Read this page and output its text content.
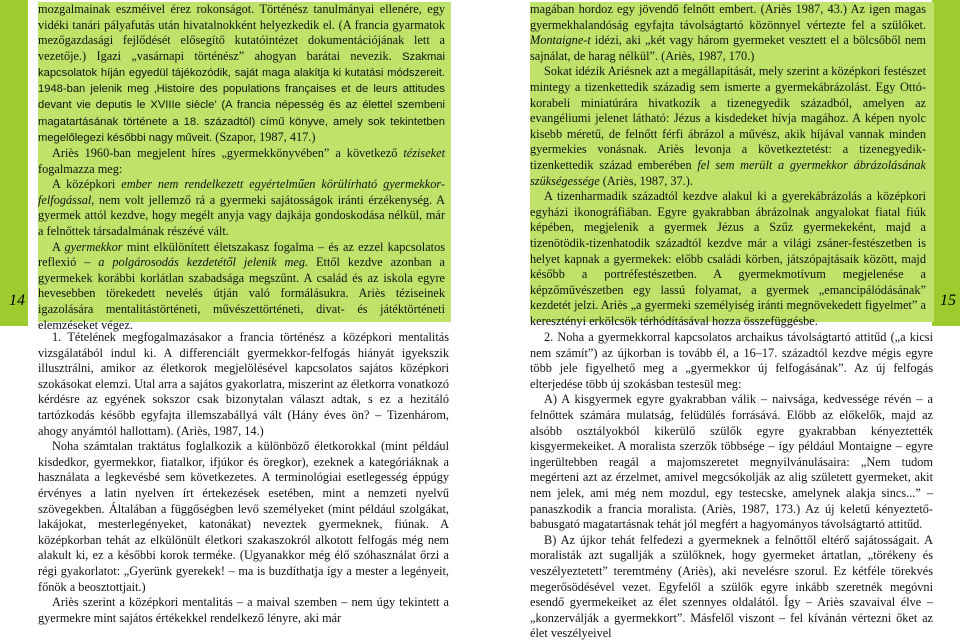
14

mozgalmainak eszméivel érez rokonságot. Történész tanulmányai ellenére, egy vidéki tanári pályafutás után hivatalnokként helyezkedik el. (A francia gyarmatok mezőgazdasági fejlődését elősegítő kutatóintézet dokumentációjának lett a vezetője.) Igazi „vasárnapi történész” ahogyan barátai nevezik. Szakmai kapcsolatok híján egyedül tájékozódik, saját maga alakítja ki kutatási módszereit. 1948-ban jelenik meg ‚Histoire des populations françaises et de leurs attitudes devant vie deputis le XVIIIe siècle’ (A francia népesség és az élettel szembeni magatartásának története a 18. századtól) című könyve, amely sok tekintetben megelőlegezi későbbi nagy műveit. (Szapor, 1987, 417.)

Ariès 1960-ban megjelent híres „gyermekkönyvében” a következő téziseket fogalmazza meg:

A középkori ember nem rendelkezett egyértelműen körülírható gyermekkor-felfogással, nem volt jellemző rá a gyermeki sajátosságok iránti érzékenység. A gyermek attól kezdve, hogy megélt anyja vagy dajkája gondoskodása nélkül, már a felnőttek társadalmának részévé vált.

A gyermekkor mint elkülönített életszakasz fogalma – és az ezzel kapcsolatos reflexió – a polgárosodás kezdetétől jelenik meg. Ettől kezdve azonban a gyermekek korábbi korlátlan szabadsága megszűnt. A család és az iskola egyre hevesebben törekedett nevelés útján való formálásukra. Ariès téziseinek igazolására mentalitástörténeti, művészettörténeti, divat- és játéktörténeti elemzéseket végez.

1. Tételének megfogalmazásakor a francia történész a középkori mentalitás vizsgálatából indul ki. A differenciált gyermekkor-felfogás hiányát igyekszik illusztrálni, amikor az életkorok megjelölésével kapcsolatos sajátos középkori szokásokat elemzi. Utal arra a sajátos gyakorlatra, miszerint az életkorra vonatkozó kérdésre az egyének sokszor csak bizonytalan választ adtak, s ez a hezitáló tartózkodás később egyfajta illemszabállyá vált (Hány éves ön? – Tizenhárom, ahogy anyámtól hallottam). (Ariès, 1987, 14.)

Noha számtalan traktátus foglalkozik a különböző életkorokkal (mint például kisdedkor, gyermekkor, fiatalkor, ifjúkor és öregkor), ezeknek a kategóriáknak a használata a legkevésbé sem következetes. A terminológiai esetlegesség éppúgy érvényes a latin nyelven írt értekezések esetében, mint a nemzeti nyelvű szövegekben. Általában a függőségben levő személyeket (mint például szolgákat, lakájokat, mesterlegényeket, katonákat) neveztek gyermeknek, fiúnak. A középkorban tehát az elkülönült életkori szakaszokról alkotott felfogás még nem alakult ki, ez a későbbi korok terméke. (Ugyanakkor még élő szóhasználat őrzi a régi gyakorlatot: „Gyerünk gyerekek! – ma is buzdíthatja így a mester a legényeit, főnök a beosztottjait.)

Ariès szerint a középkori mentalitás – a maival szemben – nem úgy tekintett a gyermekre mint sajátos értékekkel rendelkező lényre, aki már

15

magában hordoz egy jövendő felnőtt embert. (Ariès 1987, 43.) Az igen magas gyermekhalandóság egyfajta távolságtartó közönnyel vértezte fel a szülőket. Montaigne-t idézi, aki „két vagy három gyermeket vesztett el a bölcsőből nem sajnálat, de harag nélkül”. (Ariès, 1987, 170.)

Sokat idézik Ariésnek azt a megállapítását, mely szerint a középkori festészet mintegy a tizenkettedik századig sem ismerte a gyermekábrázolást. Egy Ottó-korabeli miniatúrára hivatkozik a tizenegyedik századból, amelyen az evangéliumi jelenet látható: Jézus a kisdedeket hívja magához. A képen nyolc kisebb méretű, de felnőtt férfi ábrázol a művész, akik híjával vannak minden gyermekies vonásnak. Ariès levonja a következtetést: a tizenegyedik-tizenkettedik század emberében fel sem merült a gyermekkor ábrázolásának szükségessége (Ariès, 1987, 37.).

A tizenharmadik századtól kezdve alakul ki a gyerekábrázolás a középkori egyházi ikonográfiában. Egyre gyakrabban ábrázolnak angyalokat fiatal fiúk képében, megjelenik a gyermek Jézus a Szűz gyermekeként, majd a tizenötödik-tizenhatodik századtól kezdve már a világi zsáner-festészetben is helyet kapnak a gyermekek: előbb családi körben, játszópajtásaik között, majd később a portréfestészetben. A gyermekmotívum megjelenése a képzőművészetben egy lassú folyamat, a gyermek „emancipálódásának” kezdetét jelzi. Ariès „a gyermeki személyiség iránti megnövekedett figyelmet” a keresztényi erkölcsök térhódításával hozza összefüggésbe.

2. Noha a gyermekkorral kapcsolatos archaikus távolságtartó attitűd („a kicsi nem számít”) az újkorban is tovább él, a 16–17. századtól kezdve mégis egyre több jele figyelhető meg a „gyermekkor új felfogásának”. Az új felfogás elterjedése több új szokásban testesül meg:

A) A kisgyermek egyre gyakrabban válik – naivsága, kedvessége révén – a felnőttek számára mulatság, felüdülés forrásává. Előbb az előkelők, majd az alsóbb osztályokból kikerülő szülők egyre gyakrabban kényeztették kisgyermekeiket. A moralista szerzők többsége – így például Montaigne – egyre ingerültebben reagál a majomszeretet megnyilvánulásaira: „Nem tudom megérteni azt az érzelmet, amivel megcsókolják az alig született gyermeket, akit nem jelek, ami még nem mozdul, egy testecske, amelynek alakja sincs...” – panaszkodik a francia moralista. (Ariès, 1987, 173.) Az új keletű kényeztető-babusgató magatartásnak tehát jól megfért a hagyományos távolságtartó attitűd.

B) Az újkor tehát felfedezi a gyermeknek a felnőttől eltérő sajátosságait. A moralisták azt sugallják a szülőknek, hogy gyermeket ártatlan, „törékeny és veszélyeztetett” teremtmény (Ariès), aki nevelésre szorul. Ez kétféle törekvés megerősödésével vezet. Egyfelől a szülők egyre inkább szeretnék megóvni esendő gyermekeiket az élet szennyes oldalától. Így – Ariès szavaival élve – „konzerválják a gyermekkort”. Másfelől viszont – fel kívánán vértezni őket az élet veszélyeivel
